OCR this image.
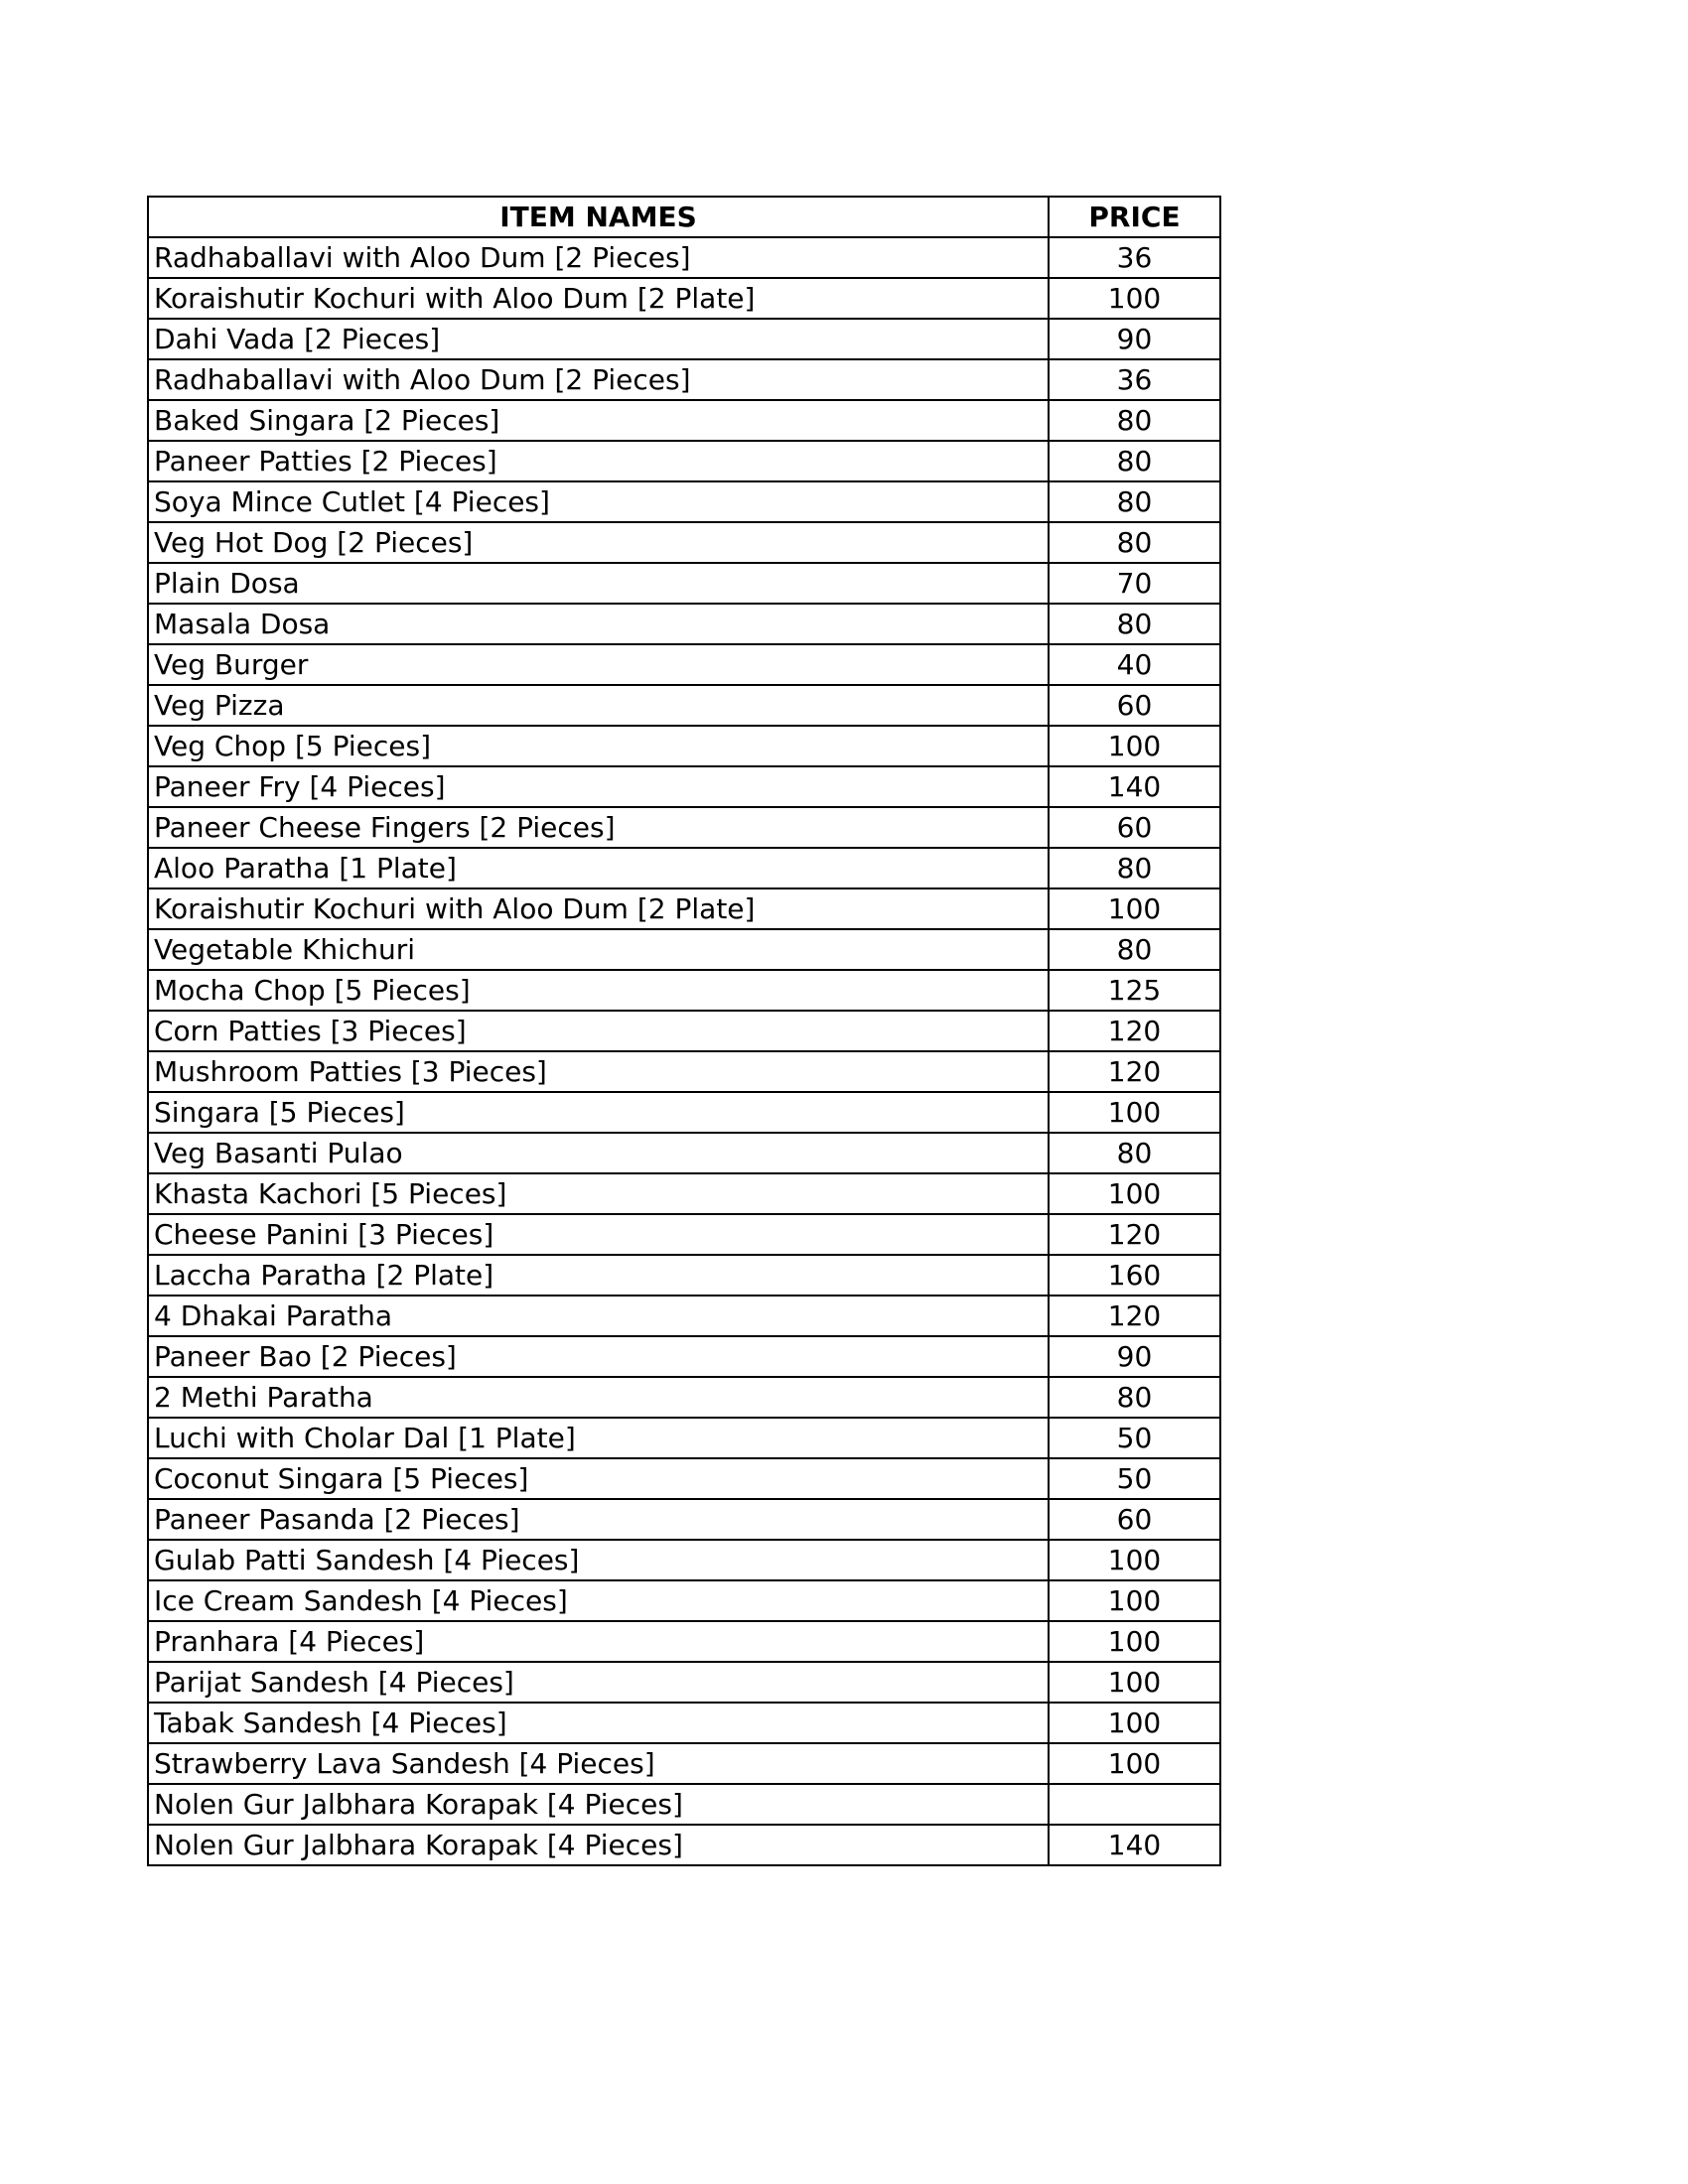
ITEM NAMES	PRICE
Radhaballavi with Aloo Dum [2 Pieces]	36
Koraishutir Kochuri with Aloo Dum [2 Plate]	100
Dahi Vada [2 Pieces]	90
Radhaballavi with Aloo Dum [2 Pieces]	36
Baked Singara [2 Pieces]	80
Paneer Patties [2 Pieces]	80
Soya Mince Cutlet [4 Pieces]	80
Veg Hot Dog [2 Pieces]	80
Plain Dosa	70
Masala Dosa	80
Veg Burger	40
Veg Pizza	60
Veg Chop [5 Pieces]	100
Paneer Fry [4 Pieces]	140
Paneer Cheese Fingers [2 Pieces]	60
Aloo Paratha [1 Plate]	80
Koraishutir Kochuri with Aloo Dum [2 Plate]	100
Vegetable Khichuri	80
Mocha Chop [5 Pieces]	125
Corn Patties [3 Pieces]	120
Mushroom Patties [3 Pieces]	120
Singara [5 Pieces]	100
Veg Basanti Pulao	80
Khasta Kachori [5 Pieces]	100
Cheese Panini [3 Pieces]	120
Laccha Paratha [2 Plate]	160
4 Dhakai Paratha	120
Paneer Bao [2 Pieces]	90
2 Methi Paratha	80
Luchi with Cholar Dal [1 Plate]	50
Coconut Singara [5 Pieces]	50
Paneer Pasanda [2 Pieces]	60
Gulab Patti Sandesh [4 Pieces]	100
Ice Cream Sandesh [4 Pieces]	100
Pranhara [4 Pieces]	100
Parijat Sandesh [4 Pieces]	100
Tabak Sandesh [4 Pieces]	100
Strawberry Lava Sandesh [4 Pieces]	100
Nolen Gur Jalbhara Korapak [4 Pieces]	
Nolen Gur Jalbhara Korapak [4 Pieces]	140
